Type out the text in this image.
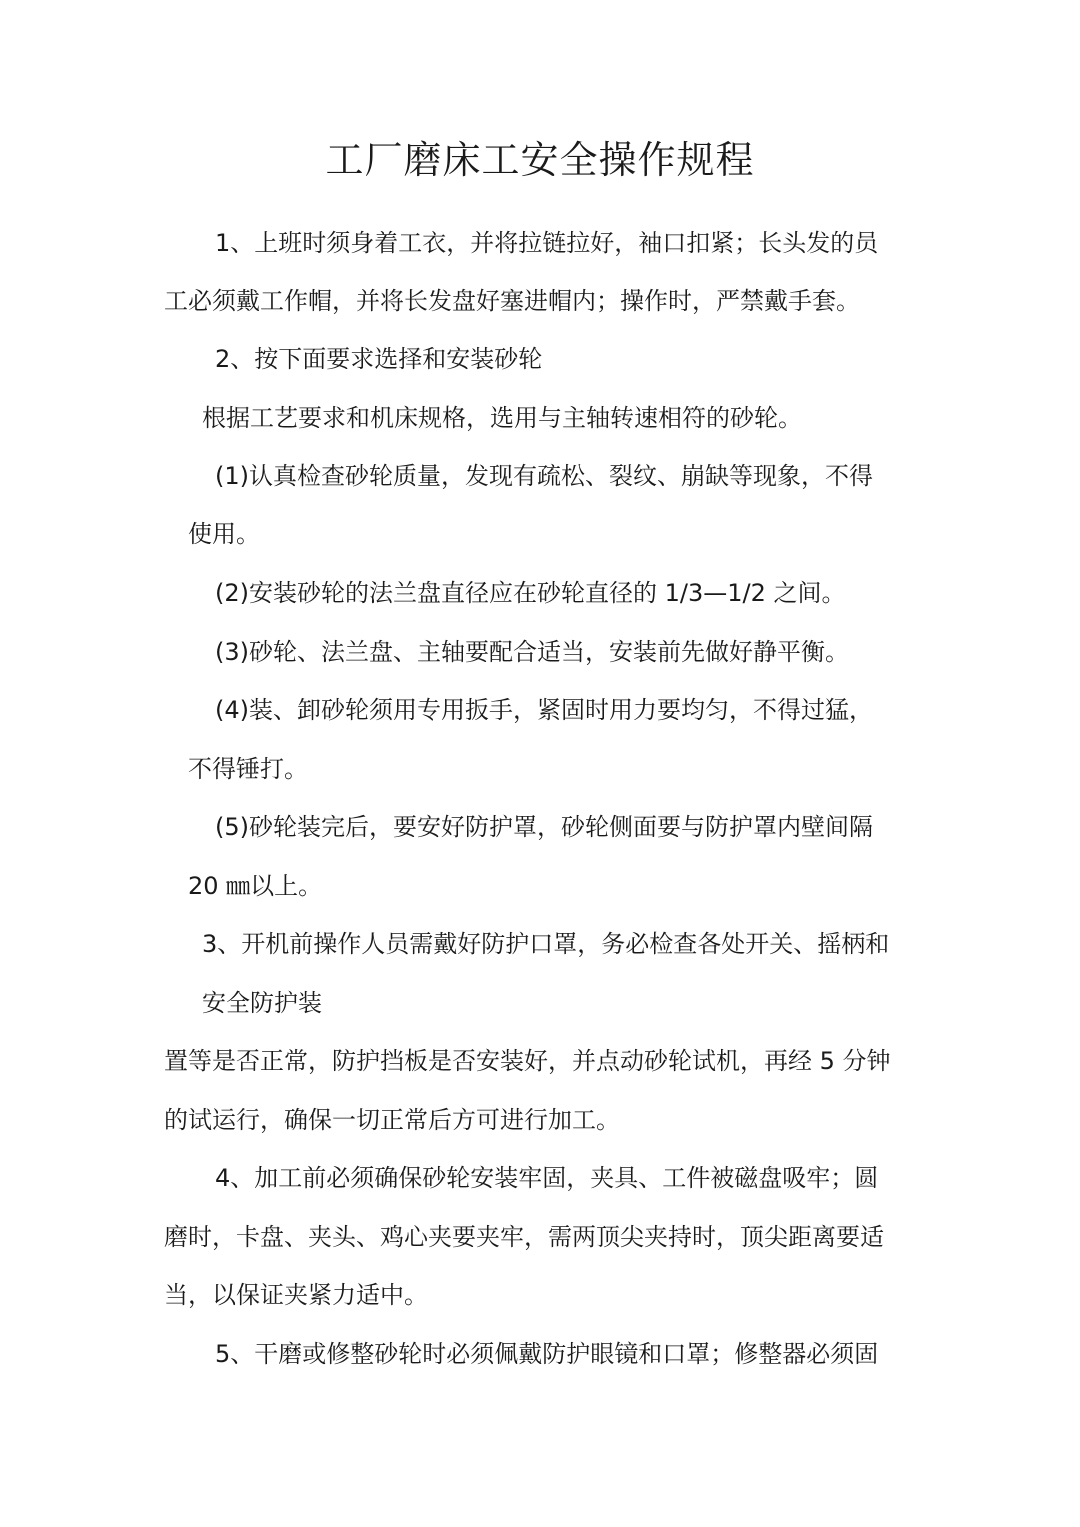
工厂磨床工安全操作规程

1、上班时须身着工衣，并将拉链拉好，袖口扣紧；长头发的员

工必须戴工作帽，并将长发盘好塞进帽内；操作时，严禁戴手套。

2、按下面要求选择和安装砂轮

根据工艺要求和机床规格，选用与主轴转速相符的砂轮。

(1)认真检查砂轮质量，发现有疏松、裂纹、崩缺等现象，不得

使用。

(2)安装砂轮的法兰盘直径应在砂轮直径的 1/3—1/2 之间。

(3)砂轮、法兰盘、主轴要配合适当，安装前先做好静平衡。

(4)装、卸砂轮须用专用扳手，紧固时用力要均匀，不得过猛，

不得锤打。

(5)砂轮装完后，要安好防护罩，砂轮侧面要与防护罩内壁间隔

20 ㎜以上。

3、开机前操作人员需戴好防护口罩，务必检查各处开关、摇柄和

安全防护装

置等是否正常，防护挡板是否安装好，并点动砂轮试机，再经 5 分钟

的试运行，确保一切正常后方可进行加工。

4、加工前必须确保砂轮安装牢固，夹具、工件被磁盘吸牢；圆

磨时，卡盘、夹头、鸡心夹要夹牢，需两顶尖夹持时，顶尖距离要适

当，以保证夹紧力适中。

5、干磨或修整砂轮时必须佩戴防护眼镜和口罩；修整器必须固
